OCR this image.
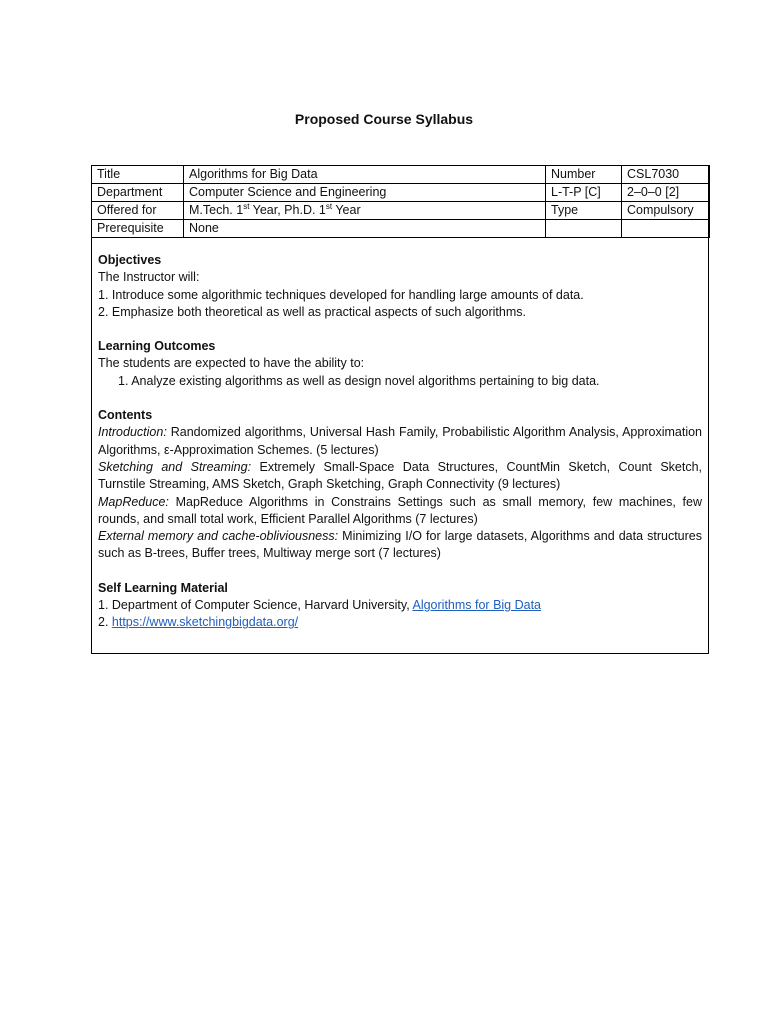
Proposed Course Syllabus
Title	Algorithms for Big Data	Number	CSL7030
Department	Computer Science and Engineering	L-T-P [C]	2–0–0 [2]
Offered for	M.Tech. 1st Year, Ph.D. 1st Year	Type	Compulsory
Prerequisite	None		
Objectives
The Instructor will:
1. Introduce some algorithmic techniques developed for handling large amounts of data.
2. Emphasize both theoretical as well as practical aspects of such algorithms.
Learning Outcomes
The students are expected to have the ability to:
1. Analyze existing algorithms as well as design novel algorithms pertaining to big data.
Contents
Introduction: Randomized algorithms, Universal Hash Family, Probabilistic Algorithm Analysis, Approximation Algorithms, ε-Approximation Schemes. (5 lectures)
Sketching and Streaming: Extremely Small-Space Data Structures, CountMin Sketch, Count Sketch, Turnstile Streaming, AMS Sketch, Graph Sketching, Graph Connectivity (9 lectures)
MapReduce: MapReduce Algorithms in Constrains Settings such as small memory, few machines, few rounds, and small total work, Efficient Parallel Algorithms (7 lectures)
External memory and cache-obliviousness: Minimizing I/O for large datasets, Algorithms and data structures such as B-trees, Buffer trees, Multiway merge sort (7 lectures)
Self Learning Material
1. Department of Computer Science, Harvard University, Algorithms for Big Data
2. https://www.sketchingbigdata.org/
